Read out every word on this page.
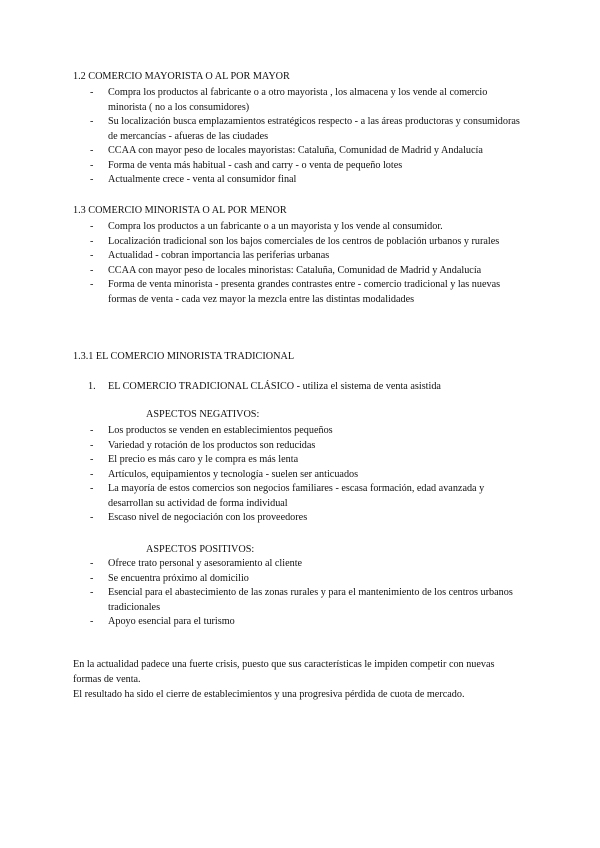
1.2 COMERCIO MAYORISTA O AL POR MAYOR
- Compra los productos al fabricante o a otro mayorista , los almacena y los vende al comercio minorista ( no a los consumidores)
- Su localización busca emplazamientos estratégicos respecto - a las áreas productoras y consumidoras de mercancías - afueras de las ciudades
- CCAA con mayor peso de locales mayoristas: Cataluña, Comunidad de Madrid y Andalucía
- Forma de venta más habitual - cash and carry - o venta de pequeño lotes
- Actualmente crece - venta al consumidor final
1.3 COMERCIO MINORISTA O AL POR MENOR
- Compra los productos a un fabricante o a un mayorista y los vende al consumidor.
- Localización tradicional son los bajos comerciales de los centros de población urbanos y rurales
- Actualidad - cobran importancia las periferias urbanas
- CCAA con mayor peso de locales minoristas: Cataluña, Comunidad de Madrid y Andalucía
- Forma de venta minorista - presenta grandes contrastes entre - comercio tradicional y las nuevas formas de venta - cada vez mayor la mezcla entre las distintas modalidades
1.3.1 EL COMERCIO MINORISTA TRADICIONAL
1. EL COMERCIO TRADICIONAL CLÁSICO - utiliza el sistema de venta asistida
ASPECTOS NEGATIVOS:
- Los productos se venden en establecimientos pequeños
- Variedad y rotación de los productos son reducidas
- El precio es más caro y le compra es más lenta
- Artículos, equipamientos y tecnología - suelen ser anticuados
- La mayoría de estos comercios son negocios familiares - escasa formación, edad avanzada y desarrollan su actividad de forma individual
- Escaso nivel de negociación con los proveedores
ASPECTOS POSITIVOS:
- Ofrece trato personal y asesoramiento al cliente
- Se encuentra próximo al domicilio
- Esencial para el abastecimiento de las zonas rurales y para el mantenimiento de los centros urbanos tradicionales
- Apoyo esencial para el turismo
En la actualidad padece una fuerte crisis, puesto que sus características le impiden competir con nuevas formas de venta.
El resultado ha sido el cierre de establecimientos y una progresiva pérdida de cuota de mercado.
